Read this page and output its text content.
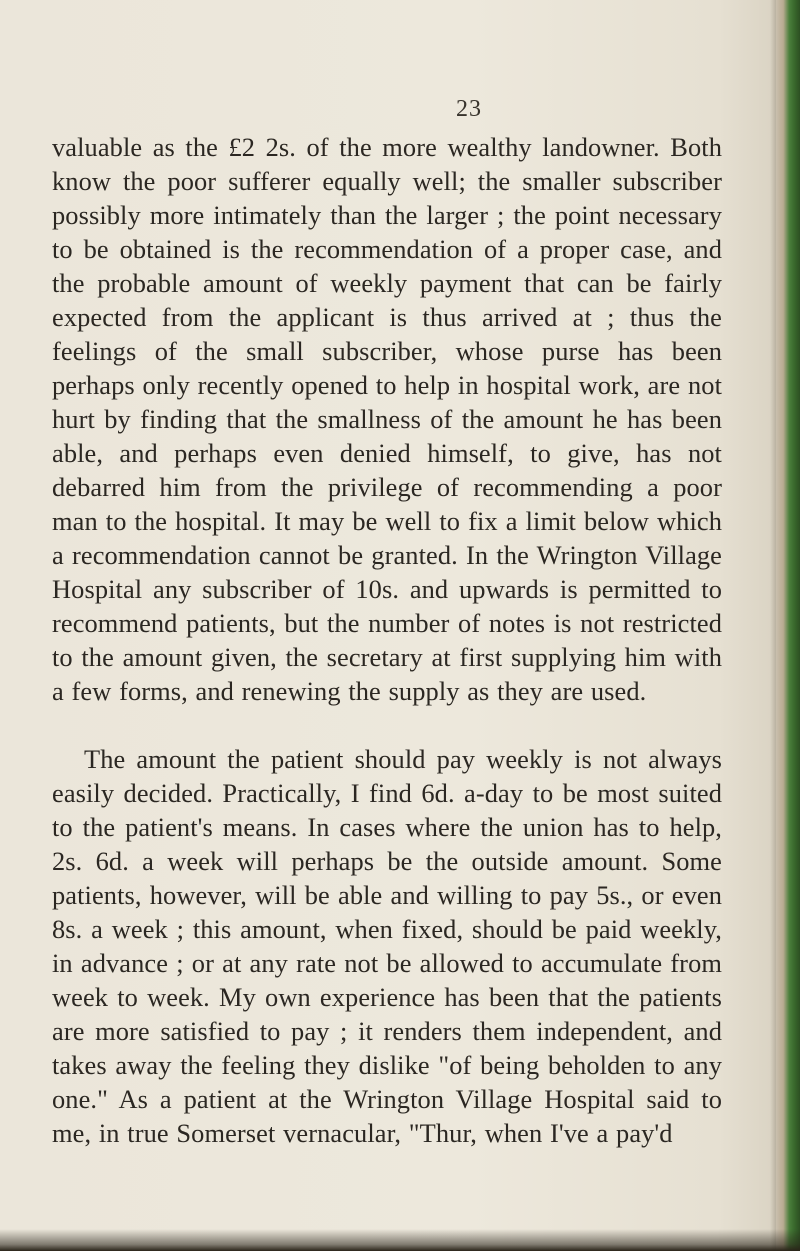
23

valuable as the £2 2s. of the more wealthy landowner. Both know the poor sufferer equally well; the smaller subscriber possibly more intimately than the larger ; the point necessary to be obtained is the recommendation of a proper case, and the probable amount of weekly payment that can be fairly expected from the applicant is thus arrived at ; thus the feelings of the small subscriber, whose purse has been perhaps only recently opened to help in hospital work, are not hurt by finding that the smallness of the amount he has been able, and perhaps even denied himself, to give, has not debarred him from the privilege of recommending a poor man to the hospital. It may be well to fix a limit below which a recommendation cannot be granted. In the Wrington Village Hospital any subscriber of 10s. and upwards is permitted to recommend patients, but the number of notes is not restricted to the amount given, the secretary at first supplying him with a few forms, and renewing the supply as they are used.

The amount the patient should pay weekly is not always easily decided. Practically, I find 6d. a-day to be most suited to the patient's means. In cases where the union has to help, 2s. 6d. a week will perhaps be the outside amount. Some patients, however, will be able and willing to pay 5s., or even 8s. a week ; this amount, when fixed, should be paid weekly, in advance ; or at any rate not be allowed to accumulate from week to week. My own experience has been that the patients are more satisfied to pay ; it renders them independent, and takes away the feeling they dislike "of being beholden to any one." As a patient at the Wrington Village Hospital said to me, in true Somerset vernacular, "Thur, when I've a pay'd
